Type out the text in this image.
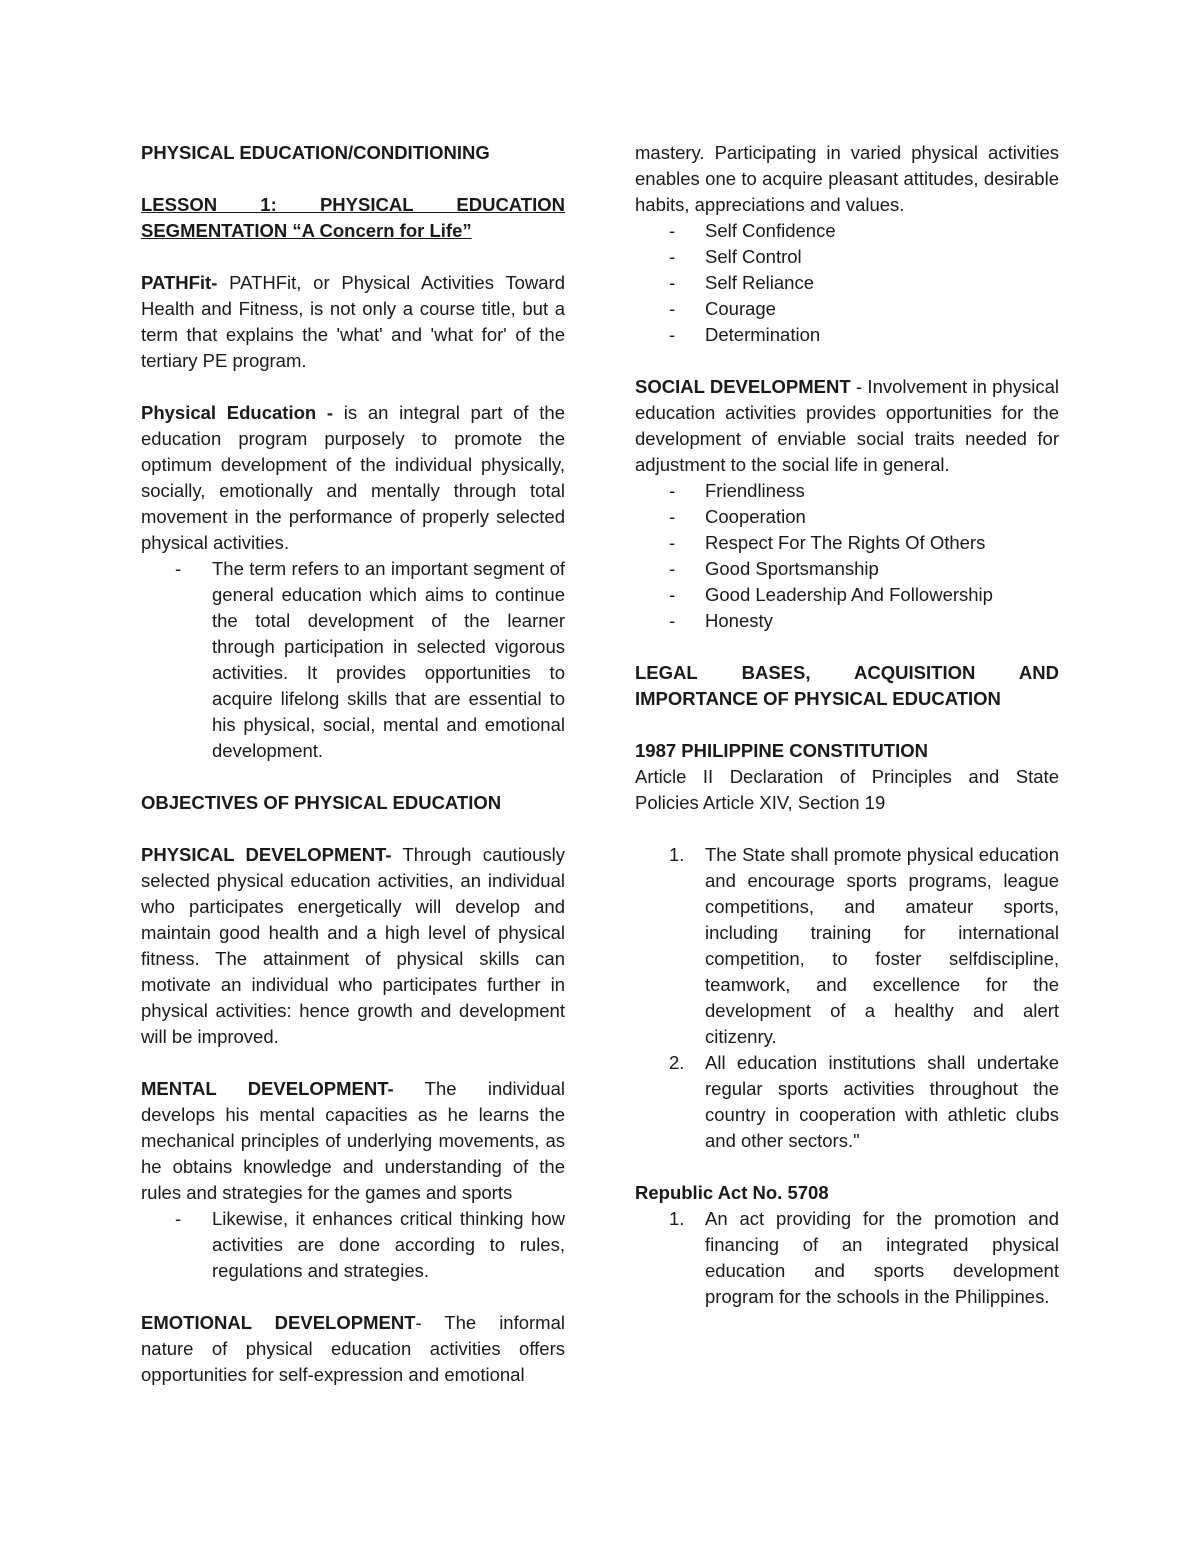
PHYSICAL EDUCATION/CONDITIONING

LESSON 1: PHYSICAL EDUCATION SEGMENTATION “A Concern for Life”

PATHFit- PATHFit, or Physical Activities Toward Health and Fitness, is not only a course title, but a term that explains the 'what' and 'what for' of the tertiary PE program.

Physical Education - is an integral part of the education program purposely to promote the optimum development of the individual physically, socially, emotionally and mentally through total movement in the performance of properly selected physical activities.

- The term refers to an important segment of general education which aims to continue the total development of the learner through participation in selected vigorous activities. It provides opportunities to acquire lifelong skills that are essential to his physical, social, mental and emotional development.

OBJECTIVES OF PHYSICAL EDUCATION

PHYSICAL DEVELOPMENT- Through cautiously selected physical education activities, an individual who participates energetically will develop and maintain good health and a high level of physical fitness. The attainment of physical skills can motivate an individual who participates further in physical activities: hence growth and development will be improved.

MENTAL DEVELOPMENT- The individual develops his mental capacities as he learns the mechanical principles of underlying movements, as he obtains knowledge and understanding of the rules and strategies for the games and sports

- Likewise, it enhances critical thinking how activities are done according to rules, regulations and strategies.

EMOTIONAL DEVELOPMENT- The informal nature of physical education activities offers opportunities for self-expression and emotional

mastery. Participating in varied physical activities enables one to acquire pleasant attitudes, desirable habits, appreciations and values.

- Self Confidence
- Self Control
- Self Reliance
- Courage
- Determination

SOCIAL DEVELOPMENT - Involvement in physical education activities provides opportunities for the development of enviable social traits needed for adjustment to the social life in general.

- Friendliness
- Cooperation
- Respect For The Rights Of Others
- Good Sportsmanship
- Good Leadership And Followership
- Honesty

LEGAL BASES, ACQUISITION AND IMPORTANCE OF PHYSICAL EDUCATION

1987 PHILIPPINE CONSTITUTION

Article II Declaration of Principles and State Policies Article XIV, Section 19

1. The State shall promote physical education and encourage sports programs, league competitions, and amateur sports, including training for international competition, to foster selfdiscipline, teamwork, and excellence for the development of a healthy and alert citizenry.
2. All education institutions shall undertake regular sports activities throughout the country in cooperation with athletic clubs and other sectors."

Republic Act No. 5708

1. An act providing for the promotion and financing of an integrated physical education and sports development program for the schools in the Philippines.
